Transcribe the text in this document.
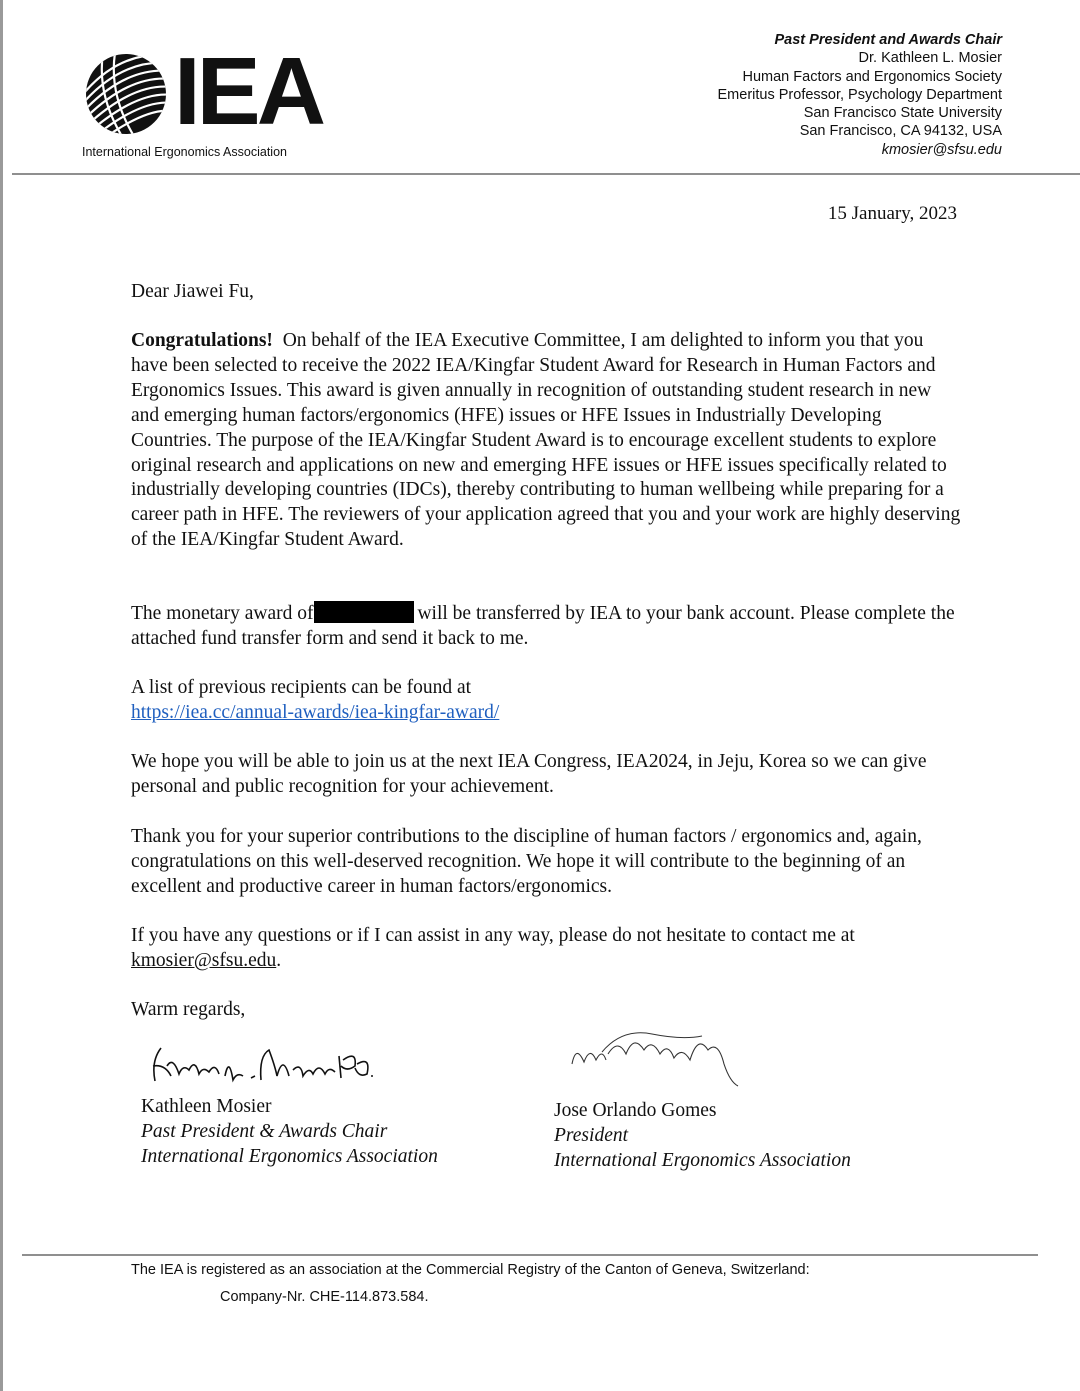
IEA
International Ergonomics Association
Past President and Awards Chair
Dr. Kathleen L. Mosier
Human Factors and Ergonomics Society
Emeritus Professor, Psychology Department
San Francisco State University
San Francisco, CA 94132, USA
kmosier@sfsu.edu
15 January, 2023
Dear Jiawei Fu,
Congratulations! On behalf of the IEA Executive Committee, I am delighted to inform you that you have been selected to receive the 2022 IEA/Kingfar Student Award for Research in Human Factors and Ergonomics Issues. This award is given annually in recognition of outstanding student research in new and emerging human factors/ergonomics (HFE) issues or HFE Issues in Industrially Developing Countries. The purpose of the IEA/Kingfar Student Award is to encourage excellent students to explore original research and applications on new and emerging HFE issues or HFE issues specifically related to industrially developing countries (IDCs), thereby contributing to human wellbeing while preparing for a career path in HFE. The reviewers of your application agreed that you and your work are highly deserving of the IEA/Kingfar Student Award.
The monetary award of	will be transferred by IEA to your bank account. Please complete the attached fund transfer form and send it back to me.
A list of previous recipients can be found at
https://iea.cc/annual-awards/iea-kingfar-award/
We hope you will be able to join us at the next IEA Congress, IEA2024, in Jeju, Korea so we can give personal and public recognition for your achievement.
Thank you for your superior contributions to the discipline of human factors / ergonomics and, again, congratulations on this well-deserved recognition. We hope it will contribute to the beginning of an excellent and productive career in human factors/ergonomics.
If you have any questions or if I can assist in any way, please do not hesitate to contact me at kmosier@sfsu.edu.
Warm regards,
Kathleen Mosier
Past President & Awards Chair
International Ergonomics Association
Jose Orlando Gomes
President
International Ergonomics Association
The IEA is registered as an association at the Commercial Registry of the Canton of Geneva, Switzerland:
Company-Nr. CHE-114.873.584.
